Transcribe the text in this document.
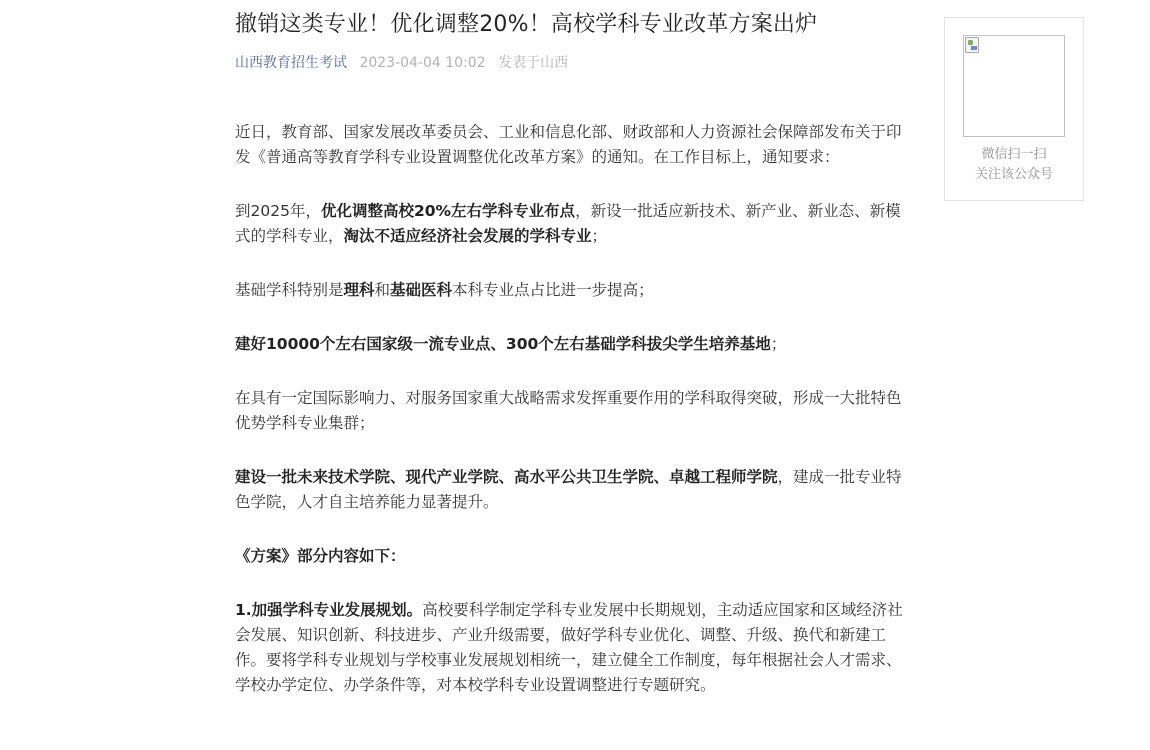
撤销这类专业！优化调整20%！高校学科专业改革方案出炉
山西教育招生考试 2023-04-04 10:02 发表于山西

近日，教育部、国家发展改革委员会、工业和信息化部、财政部和人力资源社会保障部发布关于印发《普通高等教育学科专业设置调整优化改革方案》的通知。在工作目标上，通知要求：

到2025年，优化调整高校20%左右学科专业布点，新设一批适应新技术、新产业、新业态、新模式的学科专业，淘汰不适应经济社会发展的学科专业；

基础学科特别是理科和基础医科本科专业点占比进一步提高；

建好10000个左右国家级一流专业点、300个左右基础学科拔尖学生培养基地；

在具有一定国际影响力、对服务国家重大战略需求发挥重要作用的学科取得突破，形成一大批特色优势学科专业集群；

建设一批未来技术学院、现代产业学院、高水平公共卫生学院、卓越工程师学院，建成一批专业特色学院，人才自主培养能力显著提升。

《方案》部分内容如下：

1.加强学科专业发展规划。高校要科学制定学科专业发展中长期规划，主动适应国家和区域经济社会发展、知识创新、科技进步、产业升级需要，做好学科专业优化、调整、升级、换代和新建工作。要将学科专业规划与学校事业发展规划相统一，建立健全工作制度，每年根据社会人才需求、学校办学定位、办学条件等，对本校学科专业设置调整进行专题研究。

微信扫一扫
关注该公众号
